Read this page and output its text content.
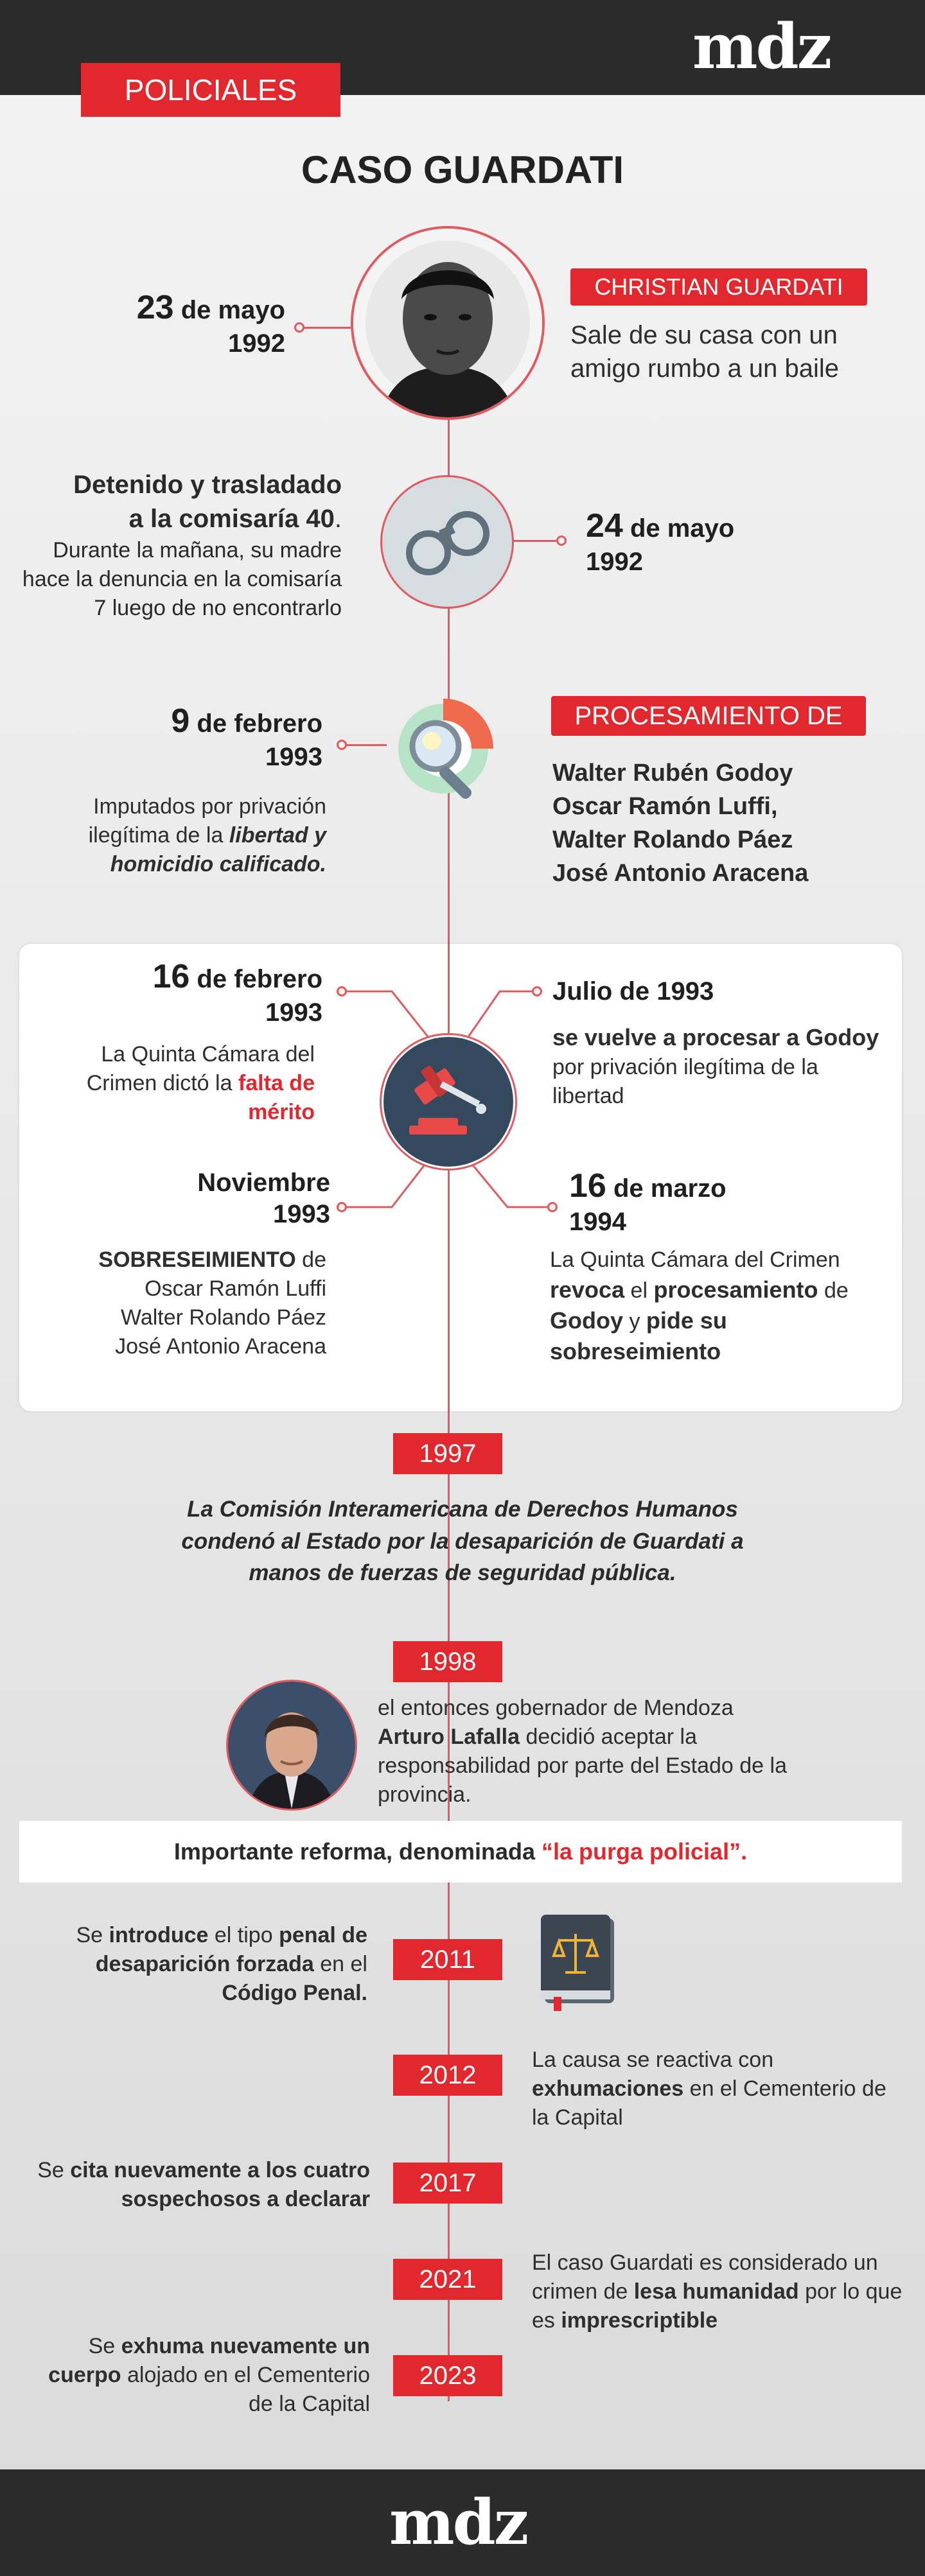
mdz
POLICIALES
CASO GUARDATI
23 de mayo
1992
CHRISTIAN GUARDATI
Sale de su casa con un amigo rumbo a un baile
Detenido y trasladado
a la comisaría 40.
Durante la mañana, su madre hace la denuncia en la comisaría 7 luego de no encontrarlo
24 de mayo
1992
9 de febrero
1993
Imputados por privación ilegítima de la libertad y homicidio calificado.
PROCESAMIENTO DE
Walter Rubén Godoy
Oscar Ramón Luffi,
Walter Rolando Páez
José Antonio Aracena
16 de febrero
1993
La Quinta Cámara del Crimen dictó la falta de mérito
Julio de 1993
se vuelve a procesar a Godoy por privación ilegítima de la libertad
Noviembre
1993
SOBRESEIMIENTO de
Oscar Ramón Luffi
Walter Rolando Páez
José Antonio Aracena
16 de marzo
1994
La Quinta Cámara del Crimen revoca el procesamiento de Godoy y pide su sobreseimiento
1997
La Comisión Interamericana de Derechos Humanos condenó al Estado por la desaparición de Guardati a manos de fuerzas de seguridad pública.
1998
el entonces gobernador de Mendoza Arturo Lafalla decidió aceptar la responsabilidad por parte del Estado de la provincia.
Importante reforma, denominada “la purga policial”.
2011
Se introduce el tipo penal de desaparición forzada en el Código Penal.
2012
La causa se reactiva con exhumaciones en el Cementerio de la Capital
2017
Se cita nuevamente a los cuatro sospechosos a declarar
2021
El caso Guardati es considerado un crimen de lesa humanidad por lo que es imprescriptible
2023
Se exhuma nuevamente un cuerpo alojado en el Cementerio de la Capital
mdz
